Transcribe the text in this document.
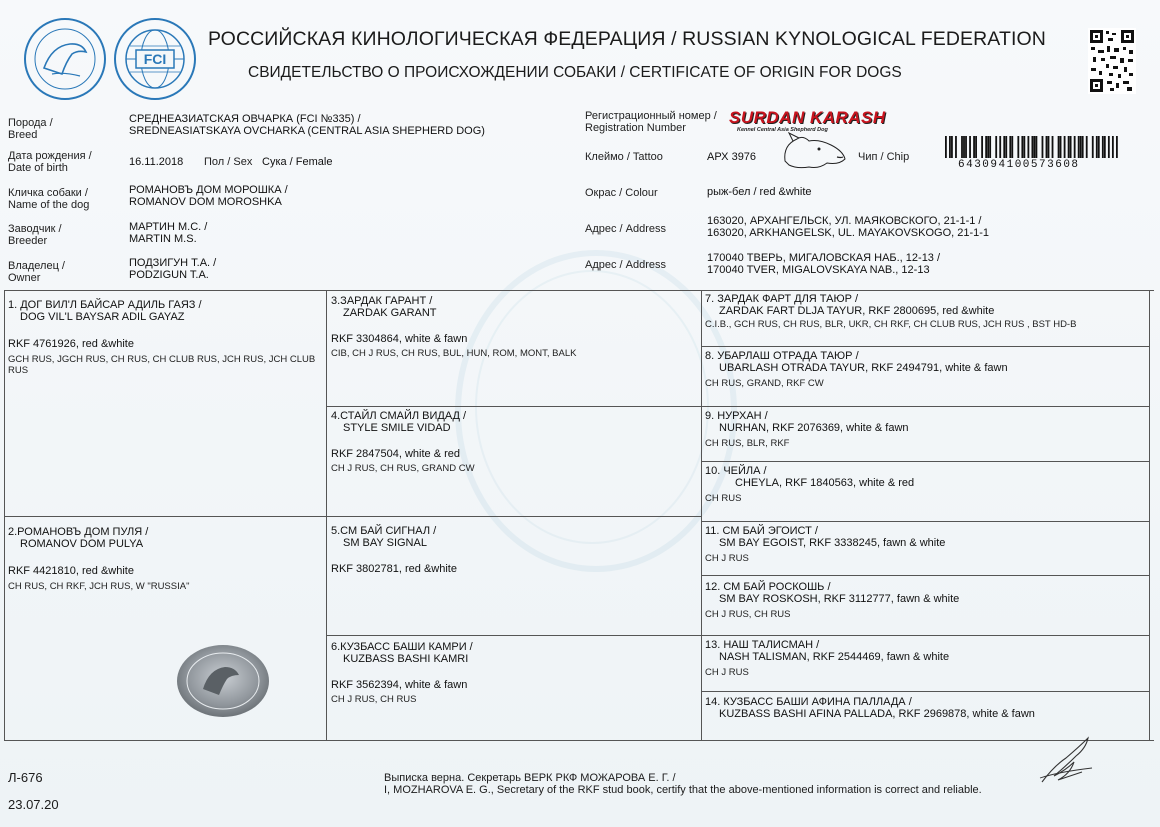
FCI
РОССИЙСКАЯ КИНОЛОГИЧЕСКАЯ ФЕДЕРАЦИЯ / RUSSIAN KYNOLOGICAL FEDERATION
СВИДЕТЕЛЬСТВО О ПРОИСХОЖДЕНИИ СОБАКИ / CERTIFICATE OF ORIGIN FOR DOGS
Порода /
Breed
СРЕДНЕАЗИАТСКАЯ ОВЧАРКА (FCI №335) /
SREDNEASIATSKAYA OVCHARKA (CENTRAL ASIA SHEPHERD DOG)
Дата рождения /
Date of birth	16.11.2018 Пол / Sex Сука / Female
Кличка собаки /
Name of the dog
РОМАНОВЪ ДОМ МОРОШКА /
ROMANOV DOM MOROSHKA
Заводчик /
Breeder
МАРТИН М.С. /
MARTIN M.S.
Владелец /
Owner
ПОДЗИГУН Т.А. /
PODZIGUN T.A.
Регистрационный номер /
Registration Number
SURDAN KARASH
Kennel Central Asia Shepherd Dog
Клеймо / Tattoo	АРХ 3976	Чип / Chip
643094100573608
Окрас / Colour	рыж-бел / red &white
Адрес / Address
163020, АРХАНГЕЛЬСК, УЛ. МАЯКОВСКОГО, 21-1-1 /
163020, ARKHANGELSK, UL. MAYAKOVSKOGO, 21-1-1
Адрес / Address
170040 ТВЕРЬ, МИГАЛОВСКАЯ НАБ., 12-13 /
170040 TVER, MIGALOVSKAYA NAB., 12-13
1. ДОГ ВИЛ'Л БАЙСАР АДИЛЬ ГАЯЗ /
DOG VIL'L BAYSAR ADIL GAYAZ
RKF 4761926, red &white
GCH RUS, JGCH RUS, CH RUS, CH CLUB RUS, JCH RUS, JCH CLUB RUS
2.РОМАНОВЪ ДОМ ПУЛЯ /
ROMANOV DOM PULYA
RKF 4421810, red &white
CH RUS, CH RKF, JCH RUS, W "RUSSIA"
3.ЗАРДАК ГАРАНТ /
ZARDAK GARANT
RKF 3304864, white & fawn
CIB, CH J RUS, CH RUS, BUL, HUN, ROM, MONT, BALK
4.СТАЙЛ СМАЙЛ ВИДАД /
STYLE SMILE VIDAD
RKF 2847504, white & red
CH J RUS, CH RUS, GRAND CW
5.СМ БАЙ СИГНАЛ /
SM BAY SIGNAL
RKF 3802781, red &white
6.КУЗБАСС БАШИ КАМРИ /
KUZBASS BASHI KAMRI
RKF 3562394, white & fawn
CH J RUS, CH RUS
7. ЗАРДАК ФАРТ ДЛЯ ТАЮР /
ZARDAK FART DLJA TAYUR, RKF 2800695, red &white
C.I.B., GCH RUS, CH RUS, BLR, UKR, CH RKF, CH CLUB RUS, JCH RUS , BST HD-B
8. УБАРЛАШ ОТРАДА ТАЮР /
UBARLASH OTRADA TAYUR, RKF 2494791, white & fawn
CH RUS, GRAND, RKF CW
9. НУРХАН /
NURHAN, RKF 2076369, white & fawn
CH RUS, BLR, RKF
10. ЧЕЙЛА /
CHEYLA, RKF 1840563, white & red
CH RUS
11. СМ БАЙ ЭГОИСТ /
SM BAY EGOIST, RKF 3338245, fawn & white
CH J RUS
12. СМ БАЙ РОСКОШЬ /
SM BAY ROSKOSH, RKF 3112777, fawn & white
CH J RUS, CH RUS
13. НАШ ТАЛИСМАН /
NASH TALISMAN, RKF 2544469, fawn & white
CH J RUS
14. КУЗБАСС БАШИ АФИНА ПАЛЛАДА /
KUZBASS BASHI AFINA PALLADA, RKF 2969878, white & fawn
Л-676
23.07.20
Выписка верна. Секретарь ВЕРК РКФ МОЖАРОВА Е. Г. /
I, MOZHAROVA E. G., Secretary of the RKF stud book, certify that the above-mentioned information is correct and reliable.
